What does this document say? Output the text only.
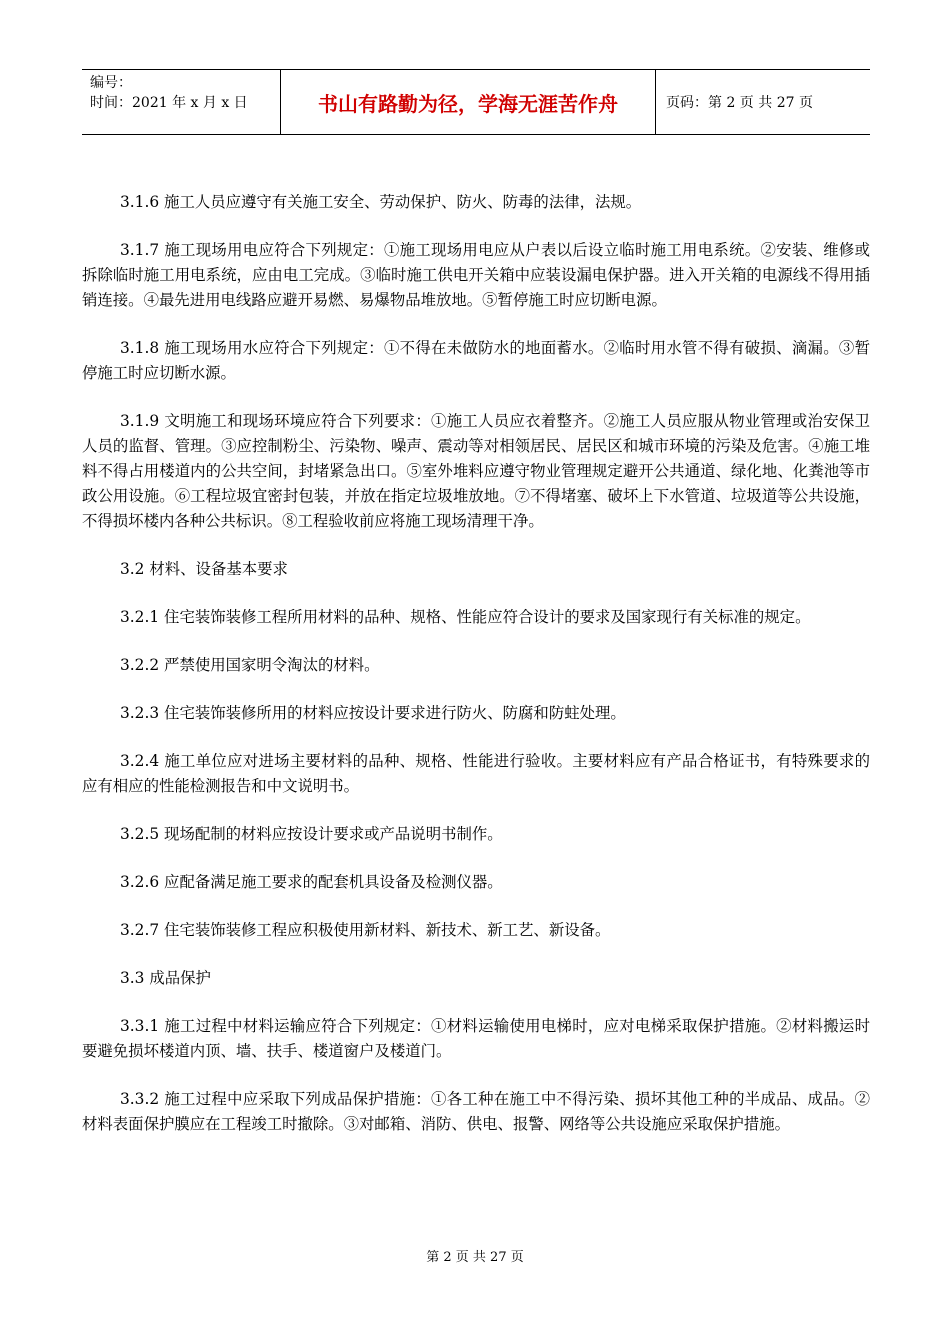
编号：
时间：2021 年 x 月 x 日	书山有路勤为径，学海无涯苦作舟	页码：第 2 页 共 27 页

3.1.6 施工人员应遵守有关施工安全、劳动保护、防火、防毒的法律，法规。

3.1.7 施工现场用电应符合下列规定：①施工现场用电应从户表以后设立临时施工用电系统。②安装、维修或拆除临时施工用电系统，应由电工完成。③临时施工供电开关箱中应装设漏电保护器。进入开关箱的电源线不得用插销连接。④最先进用电线路应避开易燃、易爆物品堆放地。⑤暂停施工时应切断电源。

3.1.8 施工现场用水应符合下列规定：①不得在未做防水的地面蓄水。②临时用水管不得有破损、滴漏。③暂停施工时应切断水源。

3.1.9 文明施工和现场环境应符合下列要求：①施工人员应衣着整齐。②施工人员应服从物业管理或治安保卫人员的监督、管理。③应控制粉尘、污染物、噪声、震动等对相领居民、居民区和城市环境的污染及危害。④施工堆料不得占用楼道内的公共空间，封堵紧急出口。⑤室外堆料应遵守物业管理规定避开公共通道、绿化地、化粪池等市政公用设施。⑥工程垃圾宜密封包装，并放在指定垃圾堆放地。⑦不得堵塞、破坏上下水管道、垃圾道等公共设施，不得损坏楼内各种公共标识。⑧工程验收前应将施工现场清理干净。

3.2 材料、设备基本要求

3.2.1 住宅装饰装修工程所用材料的品种、规格、性能应符合设计的要求及国家现行有关标准的规定。

3.2.2 严禁使用国家明令淘汰的材料。

3.2.3 住宅装饰装修所用的材料应按设计要求进行防火、防腐和防蛀处理。

3.2.4 施工单位应对进场主要材料的品种、规格、性能进行验收。主要材料应有产品合格证书，有特殊要求的应有相应的性能检测报告和中文说明书。

3.2.5 现场配制的材料应按设计要求或产品说明书制作。

3.2.6 应配备满足施工要求的配套机具设备及检测仪器。

3.2.7 住宅装饰装修工程应积极使用新材料、新技术、新工艺、新设备。

3.3 成品保护

3.3.1 施工过程中材料运输应符合下列规定：①材料运输使用电梯时，应对电梯采取保护措施。②材料搬运时要避免损坏楼道内顶、墙、扶手、楼道窗户及楼道门。

3.3.2 施工过程中应采取下列成品保护措施：①各工种在施工中不得污染、损坏其他工种的半成品、成品。②材料表面保护膜应在工程竣工时撤除。③对邮箱、消防、供电、报警、网络等公共设施应采取保护措施。

第 2 页 共 27 页
